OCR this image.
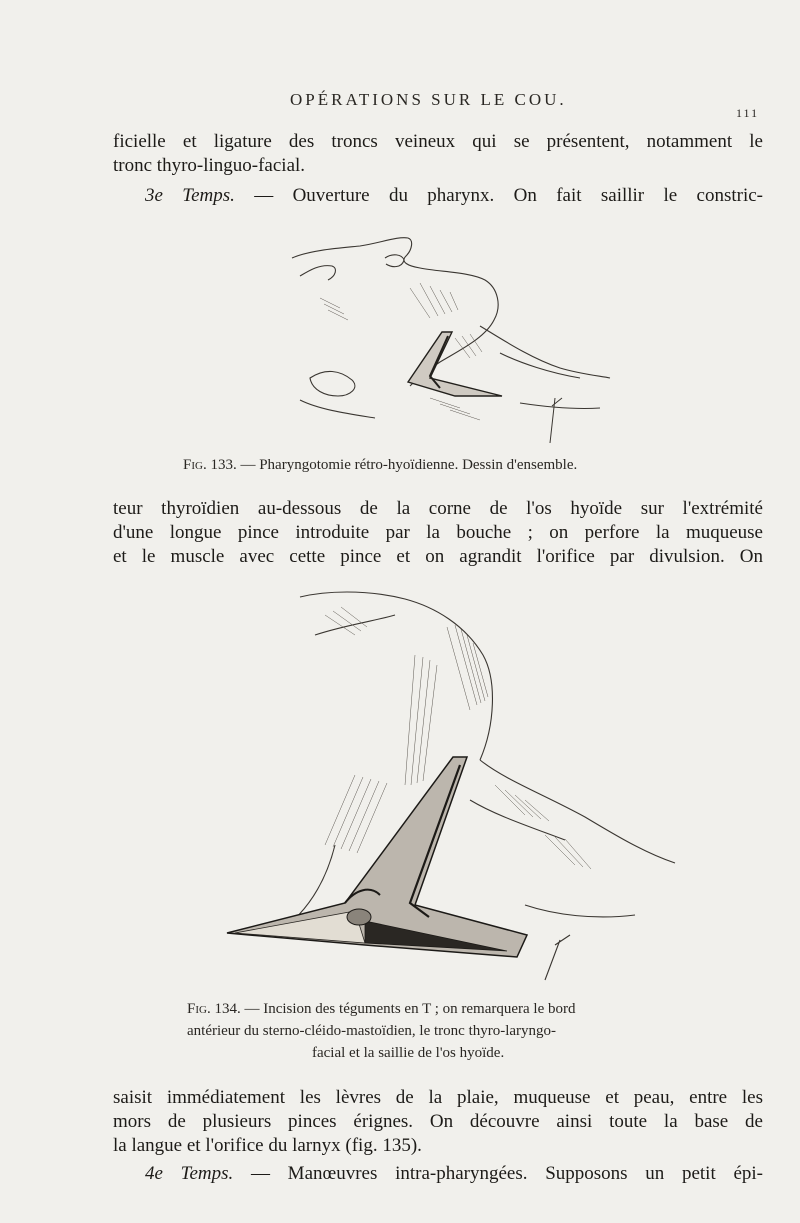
OPÉRATIONS SUR LE COU.
111
ficielle et ligature des troncs veineux qui se présentent, notamment le
tronc thyro-linguo-facial.
3e Temps. — Ouverture du pharynx. On fait saillir le constric-
Fig. 133. — Pharyngotomie rétro-hyoïdienne. Dessin d'ensemble.
teur thyroïdien au-dessous de la corne de l'os hyoïde sur l'extrémité
d'une longue pince introduite par la bouche ; on perfore la muqueuse
et le muscle avec cette pince et on agrandit l'orifice par divulsion. On
Fig. 134. — Incision des téguments en T ; on remarquera le bord
antérieur du sterno-cléido-mastoïdien, le tronc thyro-laryngo-
facial et la saillie de l'os hyoïde.
saisit immédiatement les lèvres de la plaie, muqueuse et peau, entre les
mors de plusieurs pinces érignes. On découvre ainsi toute la base de
la langue et l'orifice du larnyx (fig. 135).
4e Temps. — Manœuvres intra-pharyngées. Supposons un petit épi-
